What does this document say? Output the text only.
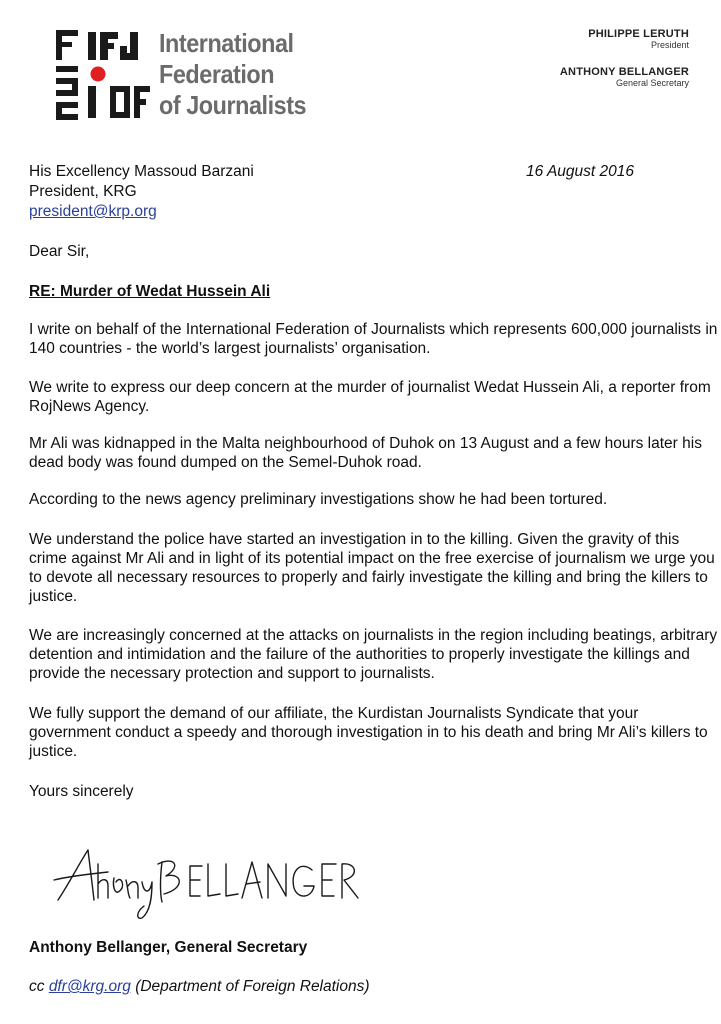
International
Federation
of Journalists
PHILIPPE LERUTH
President
ANTHONY BELLANGER
General Secretary
His Excellency Massoud Barzani
President, KRG
president@krp.org
16 August 2016
Dear Sir,
RE: Murder of Wedat Hussein Ali
I write on behalf of the International Federation of Journalists which represents 600,000 journalists in 140 countries - the world’s largest journalists’ organisation.
We write to express our deep concern at the murder of journalist Wedat Hussein Ali, a reporter from RojNews Agency.
Mr Ali was kidnapped in the Malta neighbourhood of Duhok on 13 August and a few hours later his dead body was found dumped on the Semel-Duhok road.
According to the news agency preliminary investigations show he had been tortured.
We understand the police have started an investigation in to the killing. Given the gravity of this crime against Mr Ali and in light of its potential impact on the free exercise of journalism we urge you to devote all necessary resources to properly and fairly investigate the killing and bring the killers to justice.
We are increasingly concerned at the attacks on journalists in the region including beatings, arbitrary detention and intimidation and the failure of the authorities to properly investigate the killings and provide the necessary protection and support to journalists.
We fully support the demand of our affiliate, the Kurdistan Journalists Syndicate that your government conduct a speedy and thorough investigation in to his death and bring Mr Ali’s killers to justice.
Yours sincerely
Anthony BELLANGER
Anthony Bellanger, General Secretary
cc dfr@krg.org (Department of Foreign Relations)
